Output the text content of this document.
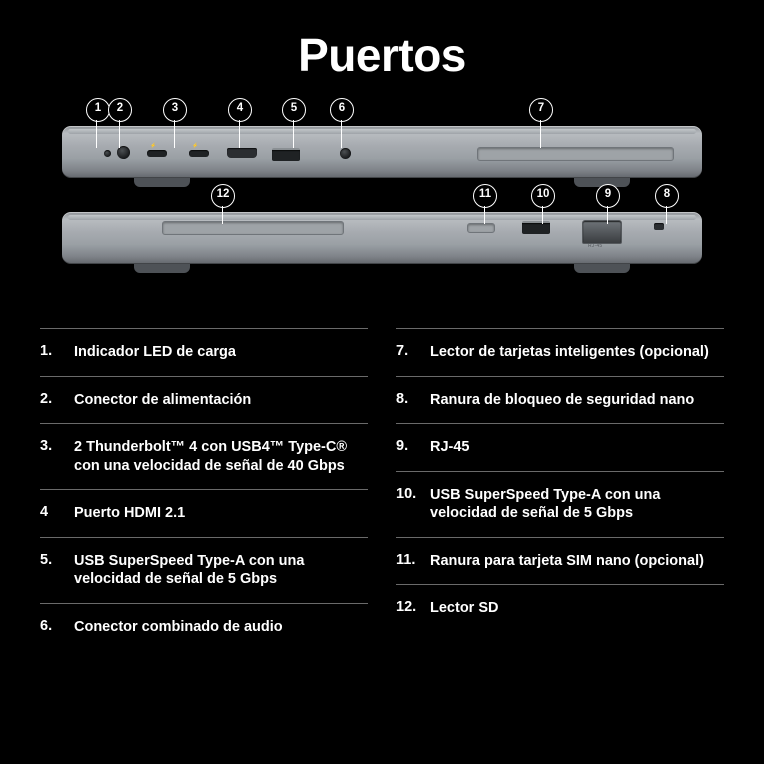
Puertos
⚡	⚡
1	2	3	4	5	6	7
RJ-45
12	11	10	9	8
1.	Indicador LED de carga
2.	Conector de alimentación
3.	2 Thunderbolt™ 4 con USB4™ Type-C® con una velocidad de señal de 40 Gbps
4	Puerto HDMI 2.1
5.	USB SuperSpeed Type-A con una velocidad de señal de 5 Gbps
6.	Conector combinado de audio
7.	Lector de tarjetas inteligentes (opcional)
8.	Ranura de bloqueo de seguridad nano
9.	RJ-45
10. USB SuperSpeed Type-A con una velocidad de señal de 5 Gbps
11.	Ranura para tarjeta SIM nano (opcional)
12. Lector SD
